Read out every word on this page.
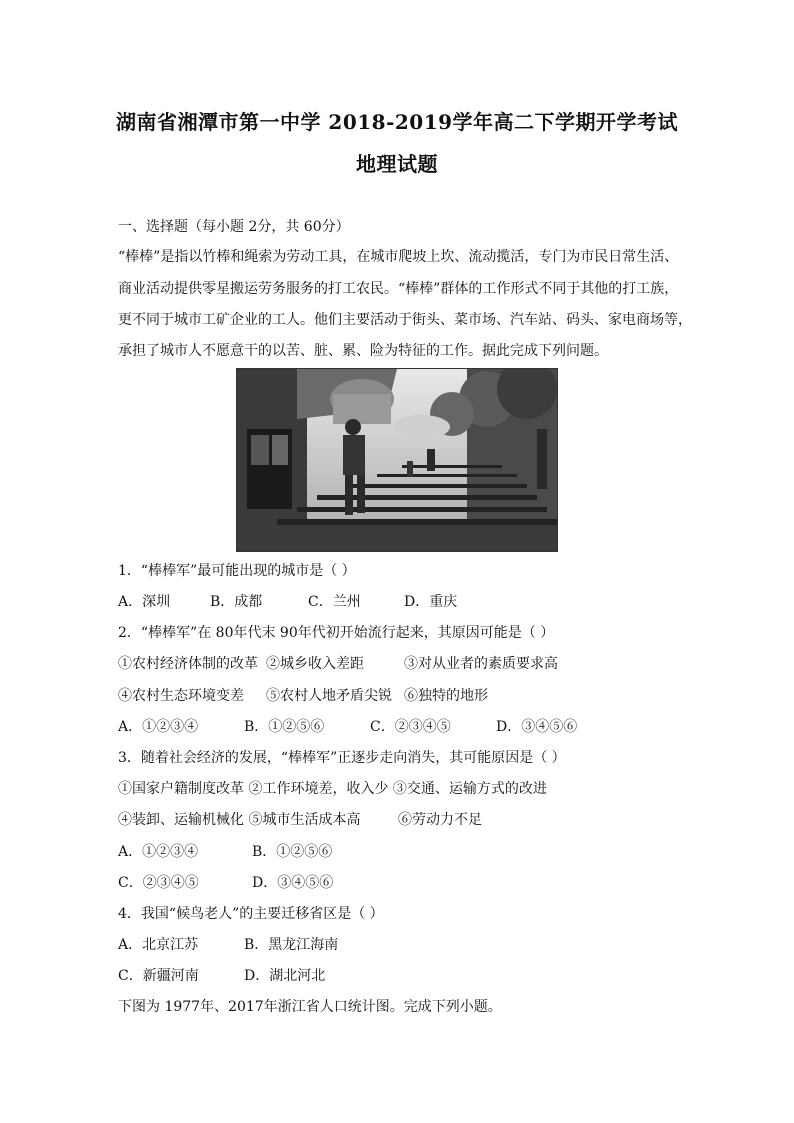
湖南省湘潭市第一中学 2018-2019学年高二下学期开学考试
地理试题
一、选择题（每小题 2分，共 60分）
“棒棒”是指以竹棒和绳索为劳动工具，在城市爬坡上坎、流动揽活，专门为市民日常生活、
商业活动提供零星搬运劳务服务的打工农民。“棒棒”群体的工作形式不同于其他的打工族，
更不同于城市工矿企业的工人。他们主要活动于街头、菜市场、汽车站、码头、家电商场等，
承担了城市人不愿意干的以苦、脏、累、险为特征的工作。据此完成下列问题。
1．“棒棒军”最可能出现的城市是（ ）
A．深圳	B．成都	C．兰州	D．重庆
2．“棒棒军”在 80年代末 90年代初开始流行起来，其原因可能是（ ）
①农村经济体制的改革 ②城乡收入差距	③对从业者的素质要求高
④农村生态环境变差 ⑤农村人地矛盾尖锐 ⑥独特的地形
A．①②③④	B．①②⑤⑥	C．②③④⑤	D．③④⑤⑥
3．随着社会经济的发展，“棒棒军”正逐步走向消失，其可能原因是（ ）
①国家户籍制度改革 ②工作环境差，收入少 ③交通、运输方式的改进
④装卸、运输机械化 ⑤城市生活成本高	⑥劳动力不足
A．①②③④	B．①②⑤⑥
C．②③④⑤	D．③④⑤⑥
4．我国“候鸟老人”的主要迁移省区是（ ）
A．北京江苏	B．黑龙江海南
C．新疆河南	D．湖北河北
下图为 1977年、2017年浙江省人口统计图。完成下列小题。
